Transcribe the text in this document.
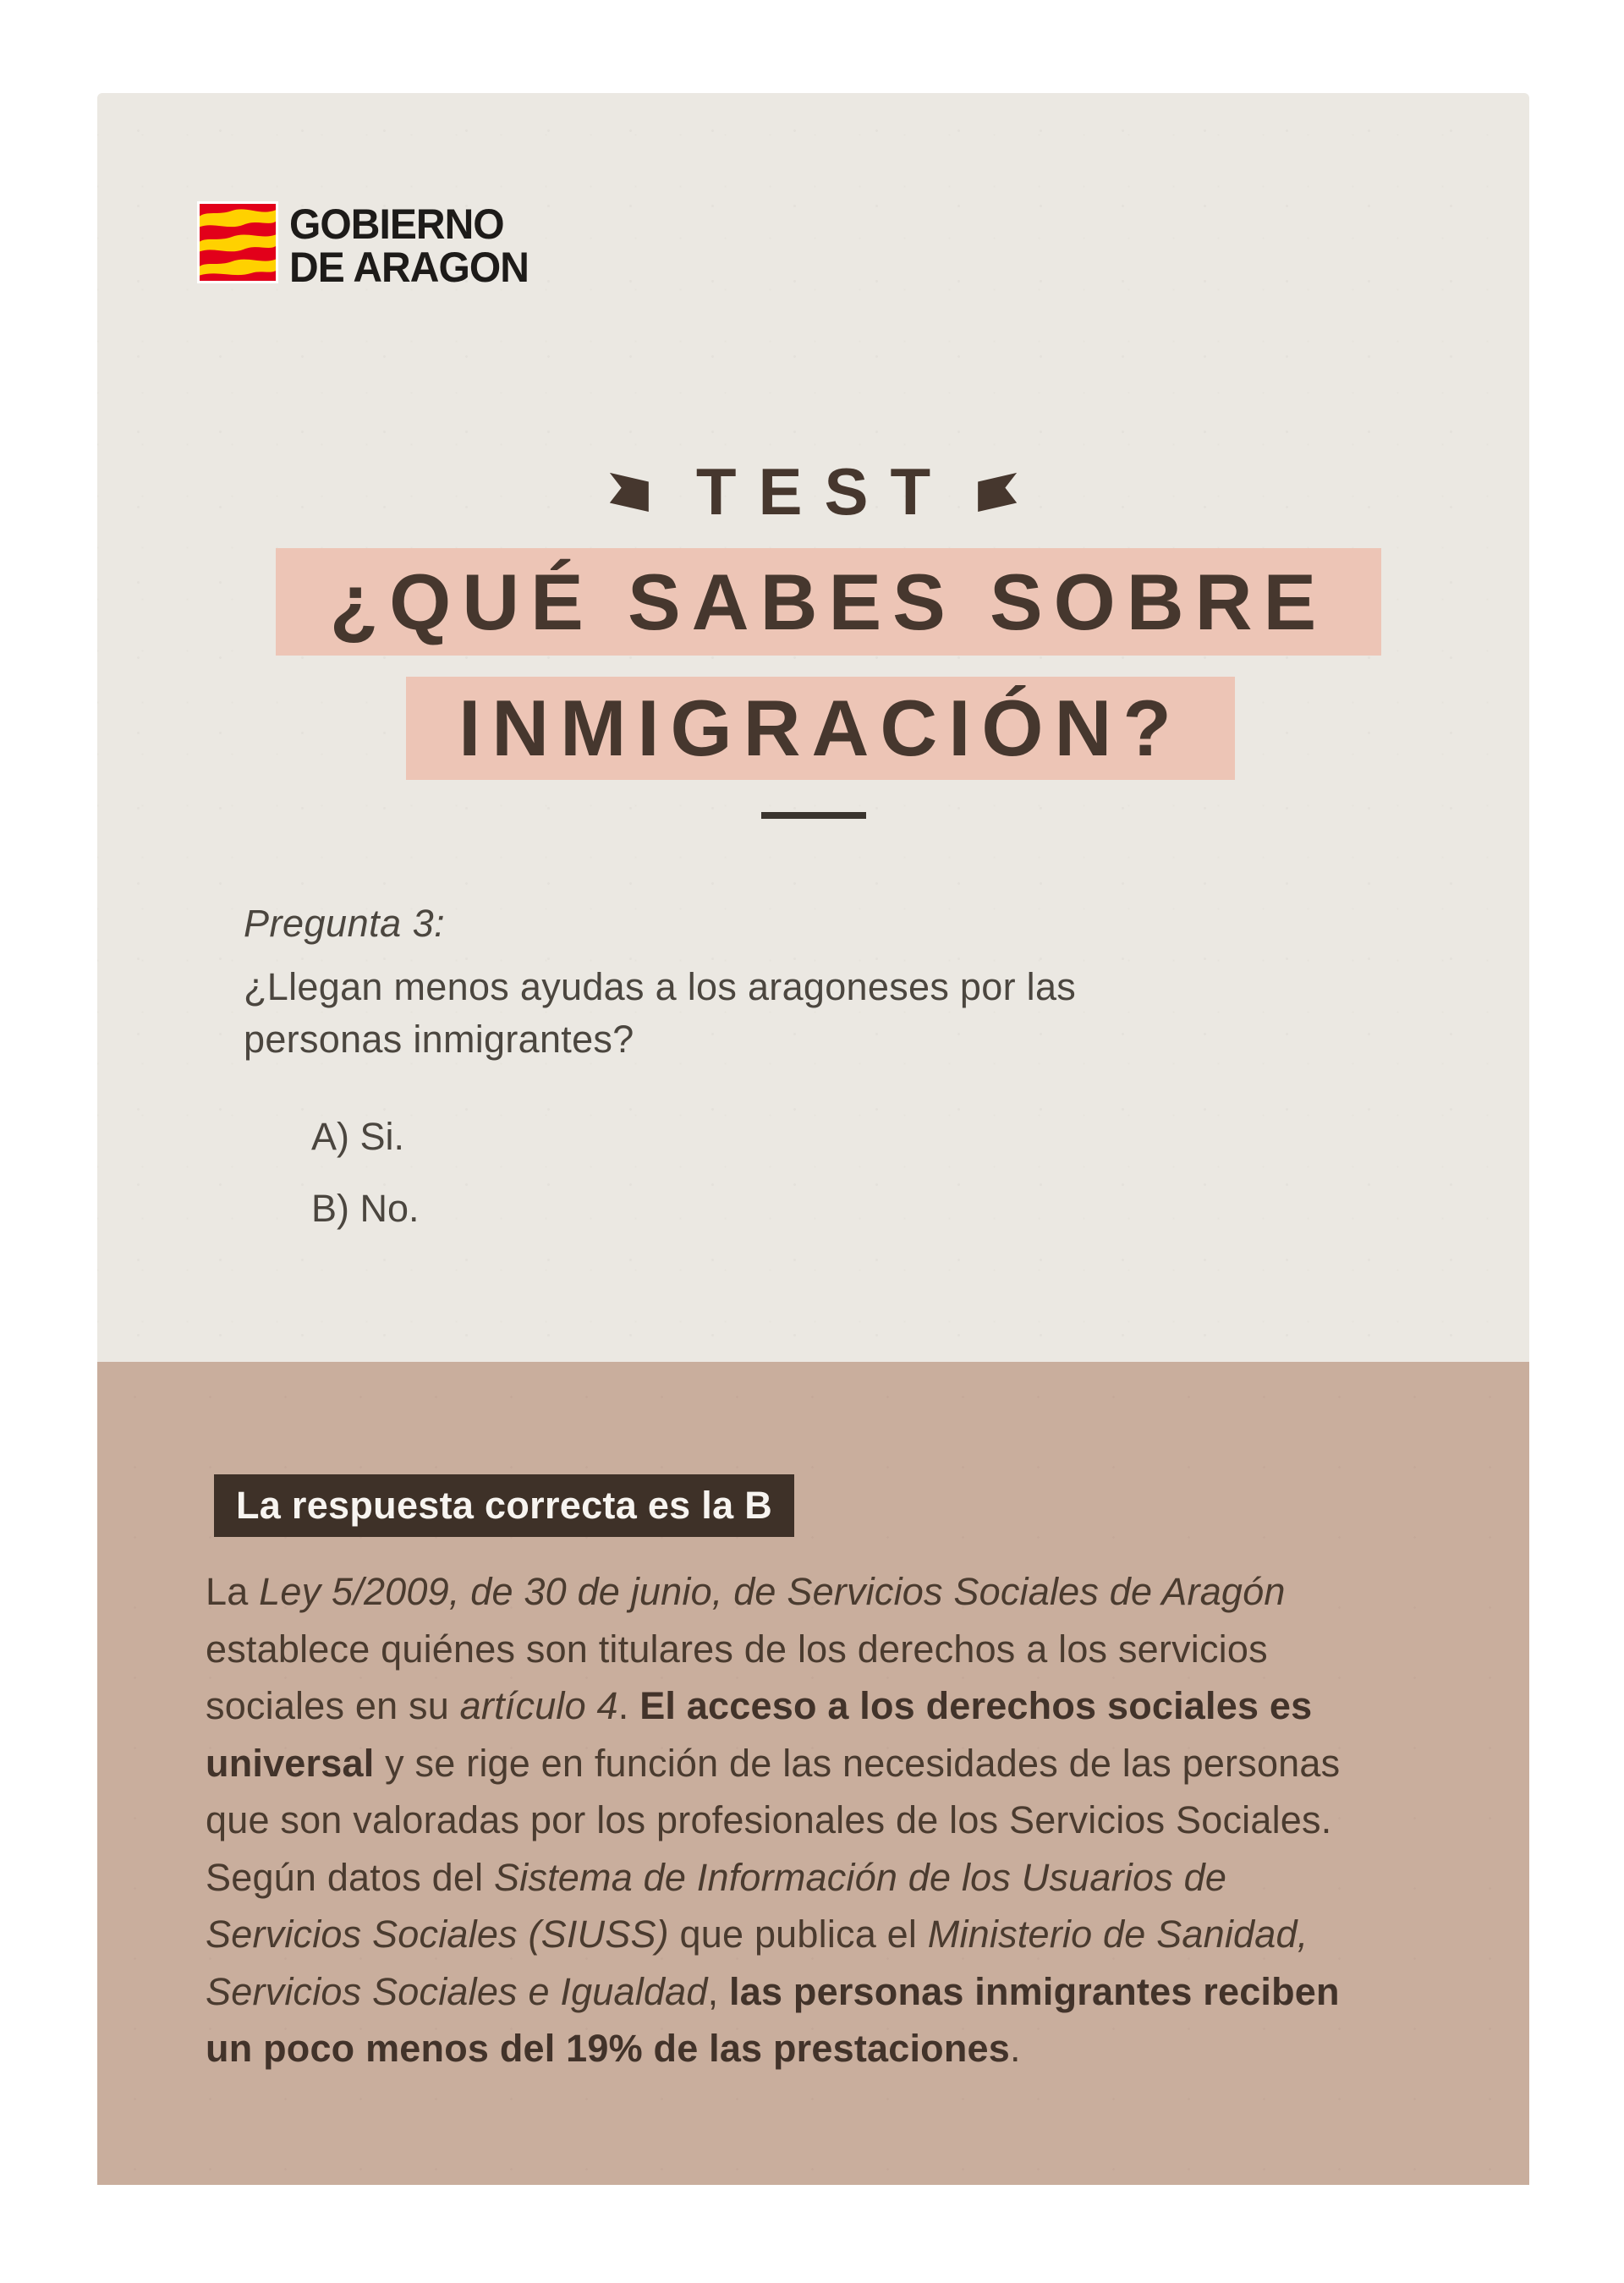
GOBIERNO
DE ARAGON
TEST
¿QUÉ SABES SOBRE
INMIGRACIÓN?
Pregunta 3:
¿Llegan menos ayudas a los aragoneses por las
personas inmigrantes?
A) Si.
B) No.
La respuesta correcta es la B
La Ley 5/2009, de 30 de junio, de Servicios Sociales de Aragón
establece quiénes son titulares de los derechos a los servicios
sociales en su artículo 4. El acceso a los derechos sociales es
universal y se rige en función de las necesidades de las personas
que son valoradas por los profesionales de los Servicios Sociales.
Según datos del Sistema de Información de los Usuarios de
Servicios Sociales (SIUSS) que publica el Ministerio de Sanidad,
Servicios Sociales e Igualdad, las personas inmigrantes reciben
un poco menos del 19% de las prestaciones.
